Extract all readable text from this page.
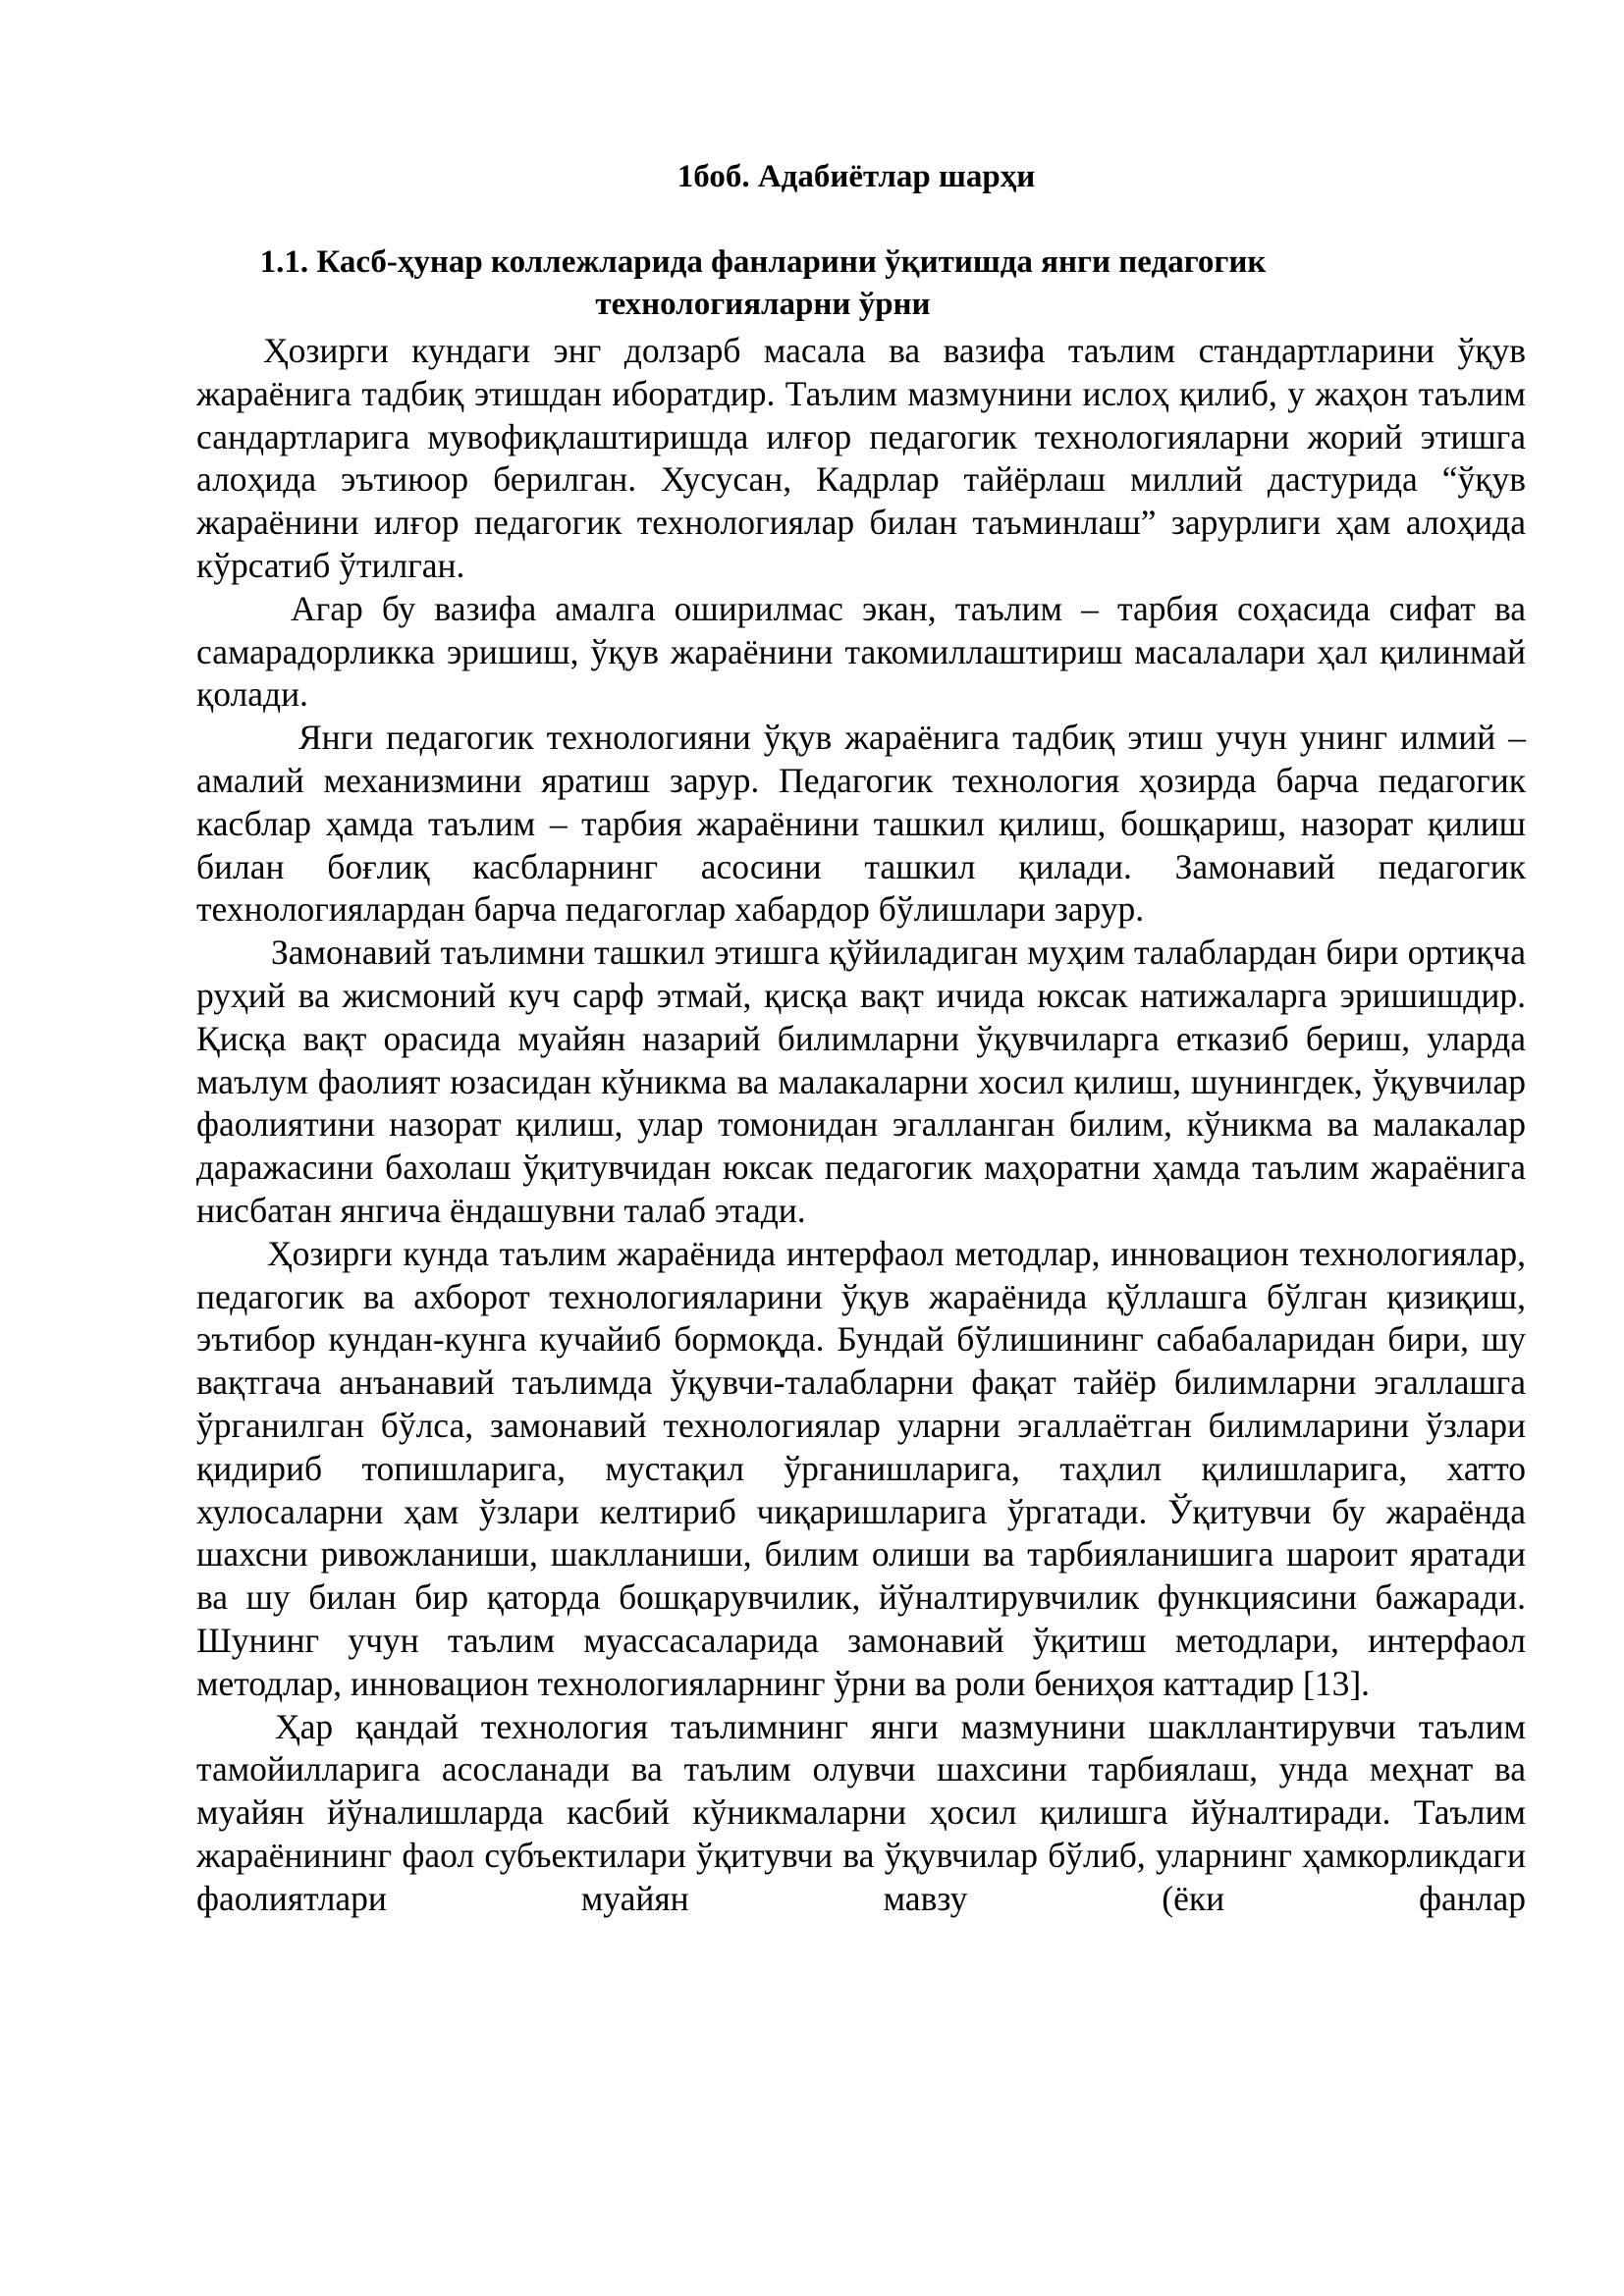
1боб. Адабиётлар шарҳи
1.1. Касб-ҳунар коллежларида фанларини ўқитишда янги педагогик технологияларни ўрни

Ҳозирги кундаги энг долзарб масала ва вазифа таълим стандартларини ўқув жараёнига тадбиқ этишдан иборатдир. Таълим мазмунини ислоҳ қилиб, у жаҳон таълим сандартларига мувофиқлаштиришда илғор педагогик технологияларни жорий этишга алоҳида эътиюор берилган. Хусусан, Кадрлар тайёрлаш миллий дастурида “ўқув жараёнини илғор педагогик технологиялар билан таъминлаш” зарурлиги ҳам алоҳида кўрсатиб ўтилган.

Агар бу вазифа амалга оширилмас экан, таълим – тарбия соҳасида сифат ва самарадорликка эришиш, ўқув жараёнини такомиллаштириш масалалари ҳал қилинмай қолади.

Янги педагогик технологияни ўқув жараёнига тадбиқ этиш учун унинг илмий – амалий механизмини яратиш зарур. Педагогик технология ҳозирда барча педагогик касблар ҳамда таълим – тарбия жараёнини ташкил қилиш, бошқариш, назорат қилиш билан боғлиқ касбларнинг асосини ташкил қилади. Замонавий педагогик технологиялардан барча педагоглар хабардор бўлишлари зарур.

Замонавий таълимни ташкил этишга қўйиладиган муҳим талаблардан бири ортиқча руҳий ва жисмоний куч сарф этмай, қисқа вақт ичида юксак натижаларга эришишдир. Қисқа вақт орасида муайян назарий билимларни ўқувчиларга етказиб бериш, уларда маълум фаолият юзасидан кўникма ва малакаларни хосил қилиш, шунингдек, ўқувчилар фаолиятини назорат қилиш, улар томонидан эгалланган билим, кўникма ва малакалар даражасини бахолаш ўқитувчидан юксак педагогик маҳоратни ҳамда таълим жараёнига нисбатан янгича ёндашувни талаб этади.

Ҳозирги кунда таълим жараёнида интерфаол методлар, инновацион технологиялар, педагогик ва ахборот технологияларини ўқув жараёнида қўллашга бўлган қизиқиш, эътибор кундан-кунга кучайиб бормоқда. Бундай бўлишининг сабабаларидан бири, шу вақтгача анъанавий таълимда ўқувчи-талабларни фақат тайёр билимларни эгаллашга ўрганилган бўлса, замонавий технологиялар уларни эгаллаётган билимларини ўзлари қидириб топишларига, мустақил ўрганишларига, таҳлил қилишларига, хатто хулосаларни ҳам ўзлари келтириб чиқаришларига ўргатади. Ўқитувчи бу жараёнда шахсни ривожланиши, шаклланиши, билим олиши ва тарбияланишига шароит яратади ва шу билан бир қаторда бошқарувчилик, йўналтирувчилик функциясини бажаради. Шунинг учун таълим муассасаларида замонавий ўқитиш методлари, интерфаол методлар, инновацион технологияларнинг ўрни ва роли бениҳоя каттадир [13].

Ҳар қандай технология таълимнинг янги мазмунини шакллантирувчи таълим тамойилларига асосланади ва таълим олувчи шахсини тарбиялаш, унда меҳнат ва муайян йўналишларда касбий кўникмаларни ҳосил қилишга йўналтиради. Таълим жараёнининг фаол субъектилари ўқитувчи ва ўқувчилар бўлиб, уларнинг ҳамкорликдаги фаолиятлари муайян мавзу (ёки фанлар
